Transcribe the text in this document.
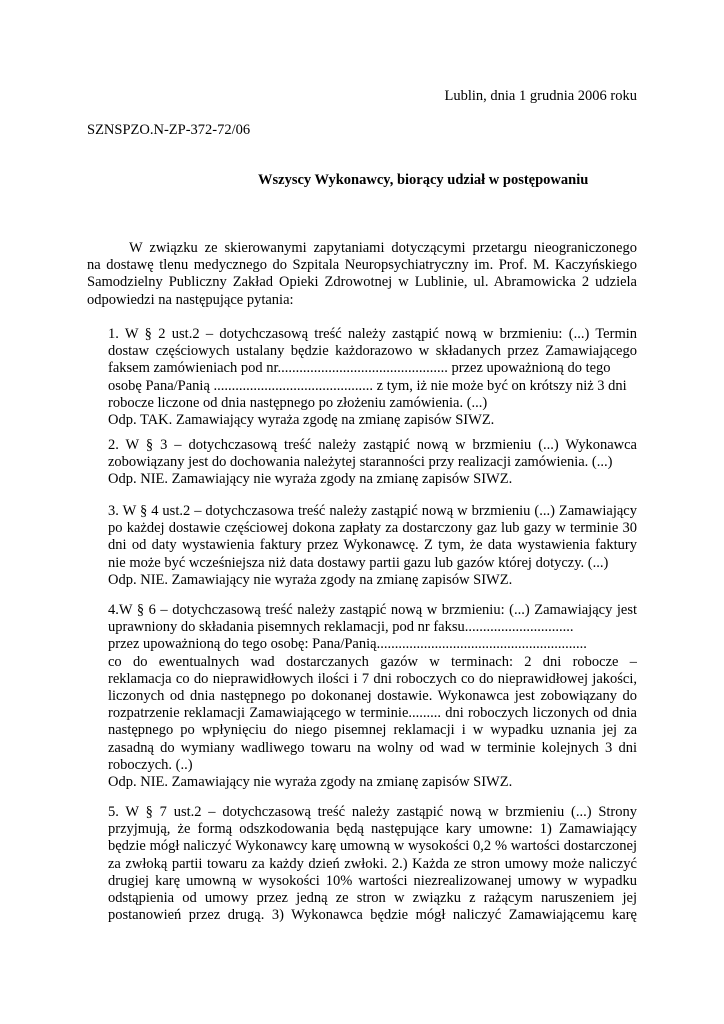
Lublin, dnia 1 grudnia 2006 roku
SZNSPZO.N-ZP-372-72/06
Wszyscy Wykonawcy, biorący udział w postępowaniu
W związku ze skierowanymi zapytaniami dotyczącymi przetargu nieograniczonego
na dostawę tlenu medycznego do Szpitala Neuropsychiatryczny im. Prof. M. Kaczyńskiego
Samodzielny Publiczny Zakład Opieki Zdrowotnej w Lublinie, ul. Abramowicka 2 udziela
odpowiedzi na następujące pytania:
1. W § 2 ust.2 – dotychczasową treść należy zastąpić nową w brzmieniu: (...) Termin
dostaw częściowych ustalany będzie każdorazowo w składanych przez Zamawiającego
faksem zamówieniach pod nr............................................... przez upoważnioną do tego
osobę Pana/Panią ............................................ z tym, iż nie może być on krótszy niż 3 dni
robocze liczone od dnia następnego po złożeniu zamówienia. (...)
Odp. TAK. Zamawiający wyraża zgodę na zmianę zapisów SIWZ.
2. W § 3 – dotychczasową treść należy zastąpić nową w brzmieniu (...) Wykonawca
zobowiązany jest do dochowania należytej staranności przy realizacji zamówienia. (...)
Odp. NIE. Zamawiający nie wyraża zgody na zmianę zapisów SIWZ.
3. W § 4 ust.2 – dotychczasowa treść należy zastąpić nową w brzmieniu (...) Zamawiający
po każdej dostawie częściowej dokona zapłaty za dostarczony gaz lub gazy w terminie 30
dni od daty wystawienia faktury przez Wykonawcę. Z tym, że data wystawienia faktury
nie może być wcześniejsza niż data dostawy partii gazu lub gazów której dotyczy. (...)
Odp. NIE. Zamawiający nie wyraża zgody na zmianę zapisów SIWZ.
4.W § 6 – dotychczasową treść należy zastąpić nową w brzmieniu: (...) Zamawiający jest
uprawniony do składania pisemnych reklamacji, pod nr faksu..............................
przez upoważnioną do tego osobę: Pana/Panią..........................................................
co do ewentualnych wad dostarczanych gazów w terminach: 2 dni robocze –
reklamacja co do nieprawidłowych ilości i 7 dni roboczych co do nieprawidłowej jakości,
liczonych od dnia następnego po dokonanej dostawie. Wykonawca jest zobowiązany do
rozpatrzenie reklamacji Zamawiającego w terminie......... dni roboczych liczonych od dnia
następnego po wpłynięciu do niego pisemnej reklamacji i w wypadku uznania jej za
zasadną do wymiany wadliwego towaru na wolny od wad w terminie kolejnych 3 dni
roboczych. (..)
Odp. NIE. Zamawiający nie wyraża zgody na zmianę zapisów SIWZ.
5. W § 7 ust.2 – dotychczasową treść należy zastąpić nową w brzmieniu (...) Strony
przyjmują, że formą odszkodowania będą następujące kary umowne: 1) Zamawiający
będzie mógł naliczyć Wykonawcy karę umowną w wysokości 0,2 % wartości dostarczonej
za zwłoką partii towaru za każdy dzień zwłoki. 2.) Każda ze stron umowy może naliczyć
drugiej karę umowną w wysokości 10% wartości niezrealizowanej umowy w wypadku
odstąpienia od umowy przez jedną ze stron w związku z rażącym naruszeniem jej
postanowień przez drugą. 3) Wykonawca będzie mógł naliczyć Zamawiającemu karę
